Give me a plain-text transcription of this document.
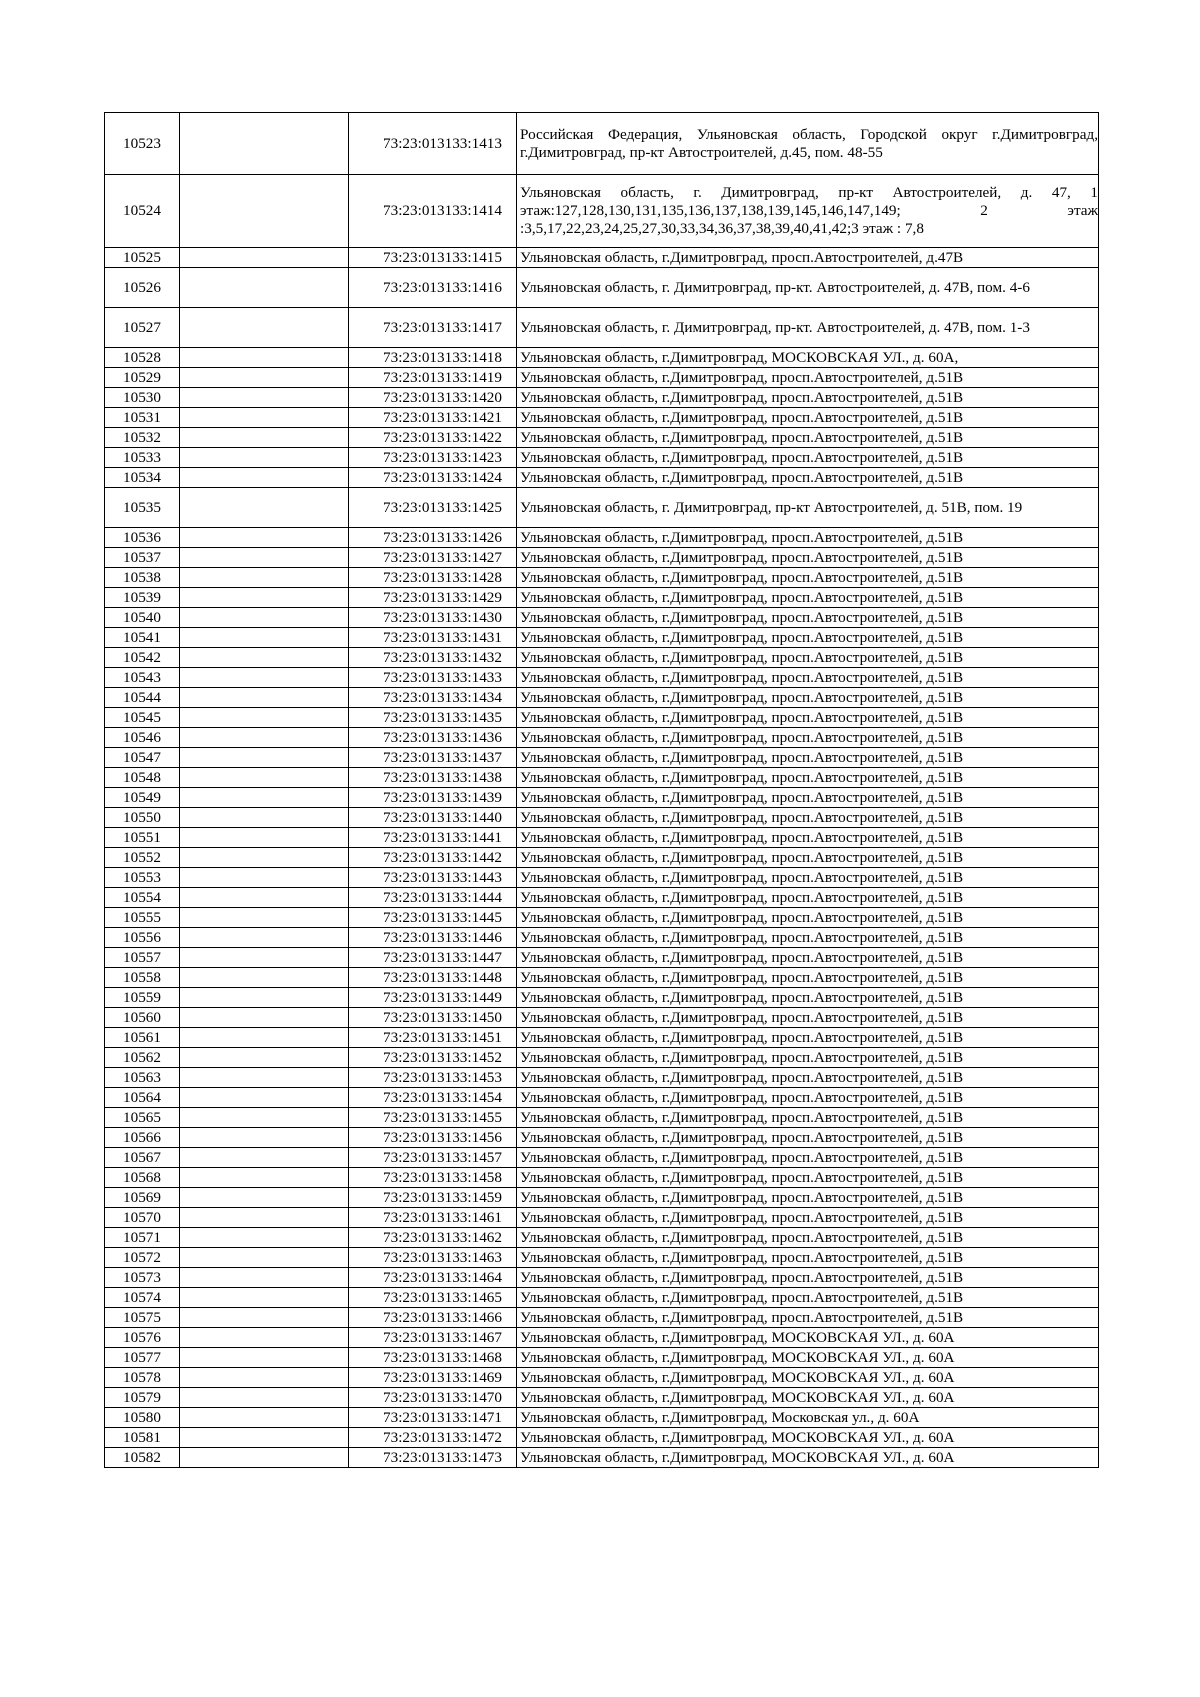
10523		73:23:013133:1413	Российская Федерация, Ульяновская область, Городской округ г.Димитровград, г.Димитровград, пр-кт Автостроителей, д.45, пом. 48-55
10524		73:23:013133:1414	Ульяновская область, г. Димитровград, пр-кт Автостроителей, д. 47, 1 этаж:127,128,130,131,135,136,137,138,139,145,146,147,149; 2 этаж :3,5,17,22,23,24,25,27,30,33,34,36,37,38,39,40,41,42;3 этаж : 7,8
10525		73:23:013133:1415	Ульяновская область, г.Димитровград, просп.Автостроителей, д.47В
10526		73:23:013133:1416	Ульяновская область, г. Димитровград, пр-кт. Автостроителей, д. 47В, пом. 4-6
10527		73:23:013133:1417	Ульяновская область, г. Димитровград, пр-кт. Автостроителей, д. 47В, пом. 1-3
10528		73:23:013133:1418	Ульяновская область, г.Димитровград, МОСКОВСКАЯ УЛ., д. 60А,
10529		73:23:013133:1419	Ульяновская область, г.Димитровград, просп.Автостроителей, д.51В
10530		73:23:013133:1420	Ульяновская область, г.Димитровград, просп.Автостроителей, д.51В
10531		73:23:013133:1421	Ульяновская область, г.Димитровград, просп.Автостроителей, д.51В
10532		73:23:013133:1422	Ульяновская область, г.Димитровград, просп.Автостроителей, д.51В
10533		73:23:013133:1423	Ульяновская область, г.Димитровград, просп.Автостроителей, д.51В
10534		73:23:013133:1424	Ульяновская область, г.Димитровград, просп.Автостроителей, д.51В
10535		73:23:013133:1425	Ульяновская область, г. Димитровград, пр-кт Автостроителей, д. 51В, пом. 19
10536		73:23:013133:1426	Ульяновская область, г.Димитровград, просп.Автостроителей, д.51В
10537		73:23:013133:1427	Ульяновская область, г.Димитровград, просп.Автостроителей, д.51В
10538		73:23:013133:1428	Ульяновская область, г.Димитровград, просп.Автостроителей, д.51В
10539		73:23:013133:1429	Ульяновская область, г.Димитровград, просп.Автостроителей, д.51В
10540		73:23:013133:1430	Ульяновская область, г.Димитровград, просп.Автостроителей, д.51В
10541		73:23:013133:1431	Ульяновская область, г.Димитровград, просп.Автостроителей, д.51В
10542		73:23:013133:1432	Ульяновская область, г.Димитровград, просп.Автостроителей, д.51В
10543		73:23:013133:1433	Ульяновская область, г.Димитровград, просп.Автостроителей, д.51В
10544		73:23:013133:1434	Ульяновская область, г.Димитровград, просп.Автостроителей, д.51В
10545		73:23:013133:1435	Ульяновская область, г.Димитровград, просп.Автостроителей, д.51В
10546		73:23:013133:1436	Ульяновская область, г.Димитровград, просп.Автостроителей, д.51В
10547		73:23:013133:1437	Ульяновская область, г.Димитровград, просп.Автостроителей, д.51В
10548		73:23:013133:1438	Ульяновская область, г.Димитровград, просп.Автостроителей, д.51В
10549		73:23:013133:1439	Ульяновская область, г.Димитровград, просп.Автостроителей, д.51В
10550		73:23:013133:1440	Ульяновская область, г.Димитровград, просп.Автостроителей, д.51В
10551		73:23:013133:1441	Ульяновская область, г.Димитровград, просп.Автостроителей, д.51В
10552		73:23:013133:1442	Ульяновская область, г.Димитровград, просп.Автостроителей, д.51В
10553		73:23:013133:1443	Ульяновская область, г.Димитровград, просп.Автостроителей, д.51В
10554		73:23:013133:1444	Ульяновская область, г.Димитровград, просп.Автостроителей, д.51В
10555		73:23:013133:1445	Ульяновская область, г.Димитровград, просп.Автостроителей, д.51В
10556		73:23:013133:1446	Ульяновская область, г.Димитровград, просп.Автостроителей, д.51В
10557		73:23:013133:1447	Ульяновская область, г.Димитровград, просп.Автостроителей, д.51В
10558		73:23:013133:1448	Ульяновская область, г.Димитровград, просп.Автостроителей, д.51В
10559		73:23:013133:1449	Ульяновская область, г.Димитровград, просп.Автостроителей, д.51В
10560		73:23:013133:1450	Ульяновская область, г.Димитровград, просп.Автостроителей, д.51В
10561		73:23:013133:1451	Ульяновская область, г.Димитровград, просп.Автостроителей, д.51В
10562		73:23:013133:1452	Ульяновская область, г.Димитровград, просп.Автостроителей, д.51В
10563		73:23:013133:1453	Ульяновская область, г.Димитровград, просп.Автостроителей, д.51В
10564		73:23:013133:1454	Ульяновская область, г.Димитровград, просп.Автостроителей, д.51В
10565		73:23:013133:1455	Ульяновская область, г.Димитровград, просп.Автостроителей, д.51В
10566		73:23:013133:1456	Ульяновская область, г.Димитровград, просп.Автостроителей, д.51В
10567		73:23:013133:1457	Ульяновская область, г.Димитровград, просп.Автостроителей, д.51В
10568		73:23:013133:1458	Ульяновская область, г.Димитровград, просп.Автостроителей, д.51В
10569		73:23:013133:1459	Ульяновская область, г.Димитровград, просп.Автостроителей, д.51В
10570		73:23:013133:1461	Ульяновская область, г.Димитровград, просп.Автостроителей, д.51В
10571		73:23:013133:1462	Ульяновская область, г.Димитровград, просп.Автостроителей, д.51В
10572		73:23:013133:1463	Ульяновская область, г.Димитровград, просп.Автостроителей, д.51В
10573		73:23:013133:1464	Ульяновская область, г.Димитровград, просп.Автостроителей, д.51В
10574		73:23:013133:1465	Ульяновская область, г.Димитровград, просп.Автостроителей, д.51В
10575		73:23:013133:1466	Ульяновская область, г.Димитровград, просп.Автостроителей, д.51В
10576		73:23:013133:1467	Ульяновская область, г.Димитровград, МОСКОВСКАЯ УЛ., д. 60А
10577		73:23:013133:1468	Ульяновская область, г.Димитровград, МОСКОВСКАЯ УЛ., д. 60А
10578		73:23:013133:1469	Ульяновская область, г.Димитровград, МОСКОВСКАЯ УЛ., д. 60А
10579		73:23:013133:1470	Ульяновская область, г.Димитровград, МОСКОВСКАЯ УЛ., д. 60А
10580		73:23:013133:1471	Ульяновская область, г.Димитровград, Московская ул., д. 60А
10581		73:23:013133:1472	Ульяновская область, г.Димитровград, МОСКОВСКАЯ УЛ., д. 60А
10582		73:23:013133:1473	Ульяновская область, г.Димитровград, МОСКОВСКАЯ УЛ., д. 60А
